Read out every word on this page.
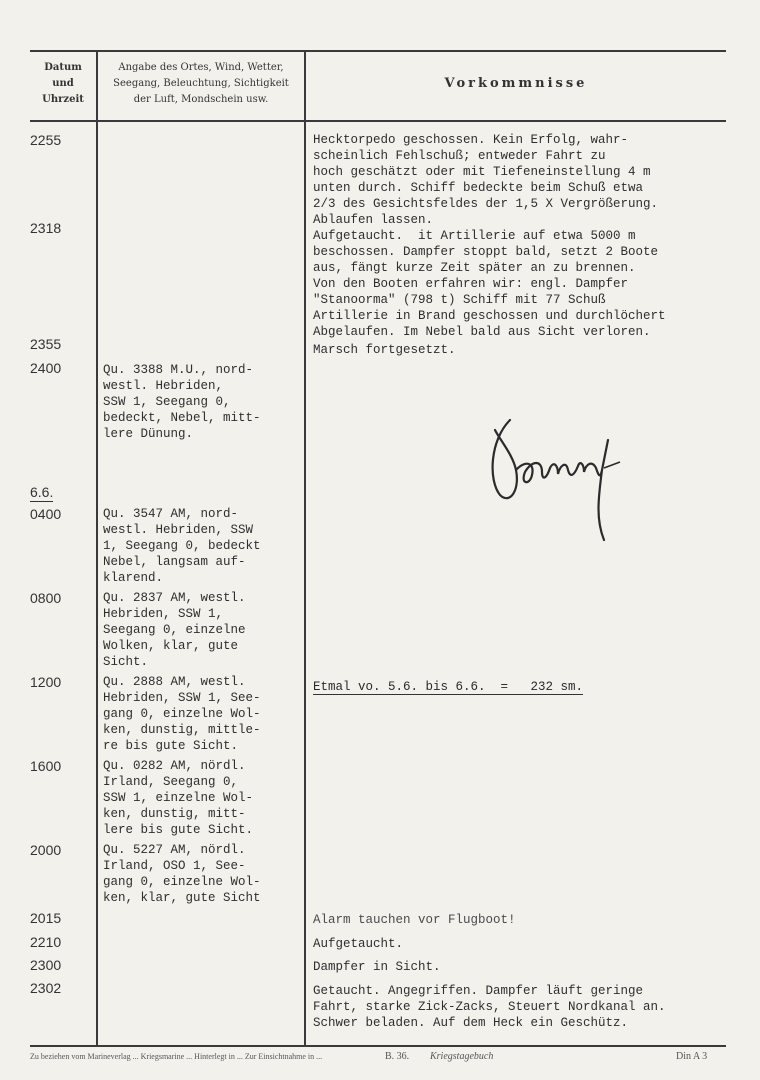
Datum
und
Uhrzeit
Angabe des Ortes, Wind, Wetter,
Seegang, Beleuchtung, Sichtigkeit
der Luft, Mondschein usw.
Vorkommnisse
2255
2318
2355
2400
6.6.
0400
0800
1200
1600
2000
2015
2210
2300
2302
Qu. 3388 M.U., nord-
westl. Hebriden,
SSW 1, Seegang 0,
bedeckt, Nebel, mitt-
lere Dünung.
Qu. 3547 AM, nord-
westl. Hebriden, SSW
1, Seegang 0, bedeckt
Nebel, langsam auf-
klarend.
Qu. 2837 AM, westl.
Hebriden, SSW 1,
Seegang 0, einzelne
Wolken, klar, gute
Sicht.
Qu. 2888 AM, westl.
Hebriden, SSW 1, See-
gang 0, einzelne Wol-
ken, dunstig, mittle-
re bis gute Sicht.
Qu. 0282 AM, nördl.
Irland, Seegang 0,
SSW 1, einzelne Wol-
ken, dunstig, mitt-
lere bis gute Sicht.
Qu. 5227 AM, nördl.
Irland, OSO 1, See-
gang 0, einzelne Wol-
ken, klar, gute Sicht
Hecktorpedo geschossen. Kein Erfolg, wahr-
scheinlich Fehlschuß; entweder Fahrt zu
hoch geschätzt oder mit Tiefeneinstellung 4 m
unten durch. Schiff bedeckte beim Schuß etwa
2/3 des Gesichtsfeldes der 1,5 X Vergrößerung.
Ablaufen lassen.
Aufgetaucht.  it Artillerie auf etwa 5000 m
beschossen. Dampfer stoppt bald, setzt 2 Boote
aus, fängt kurze Zeit später an zu brennen.
Von den Booten erfahren wir: engl. Dampfer
"Stanoorma" (798 t) Schiff mit 77 Schuß
Artillerie in Brand geschossen und durchlöchert
Abgelaufen. Im Nebel bald aus Sicht verloren.
Marsch fortgesetzt.
Etmal vo. 5.6. bis 6.6.  =   232 sm.
Alarm tauchen vor Flugboot!
Aufgetaucht.
Dampfer in Sicht.
Getaucht. Angegriffen. Dampfer läuft geringe
Fahrt, starke Zick-Zacks, Steuert Nordkanal an.
Schwer beladen. Auf dem Heck ein Geschütz.
Zu beziehen vom Marineverlag ... Kriegsmarine ... Hinterlegt in ... Zur Einsichtnahme in ...	B. 36. Kriegstagebuch	Din A 3
